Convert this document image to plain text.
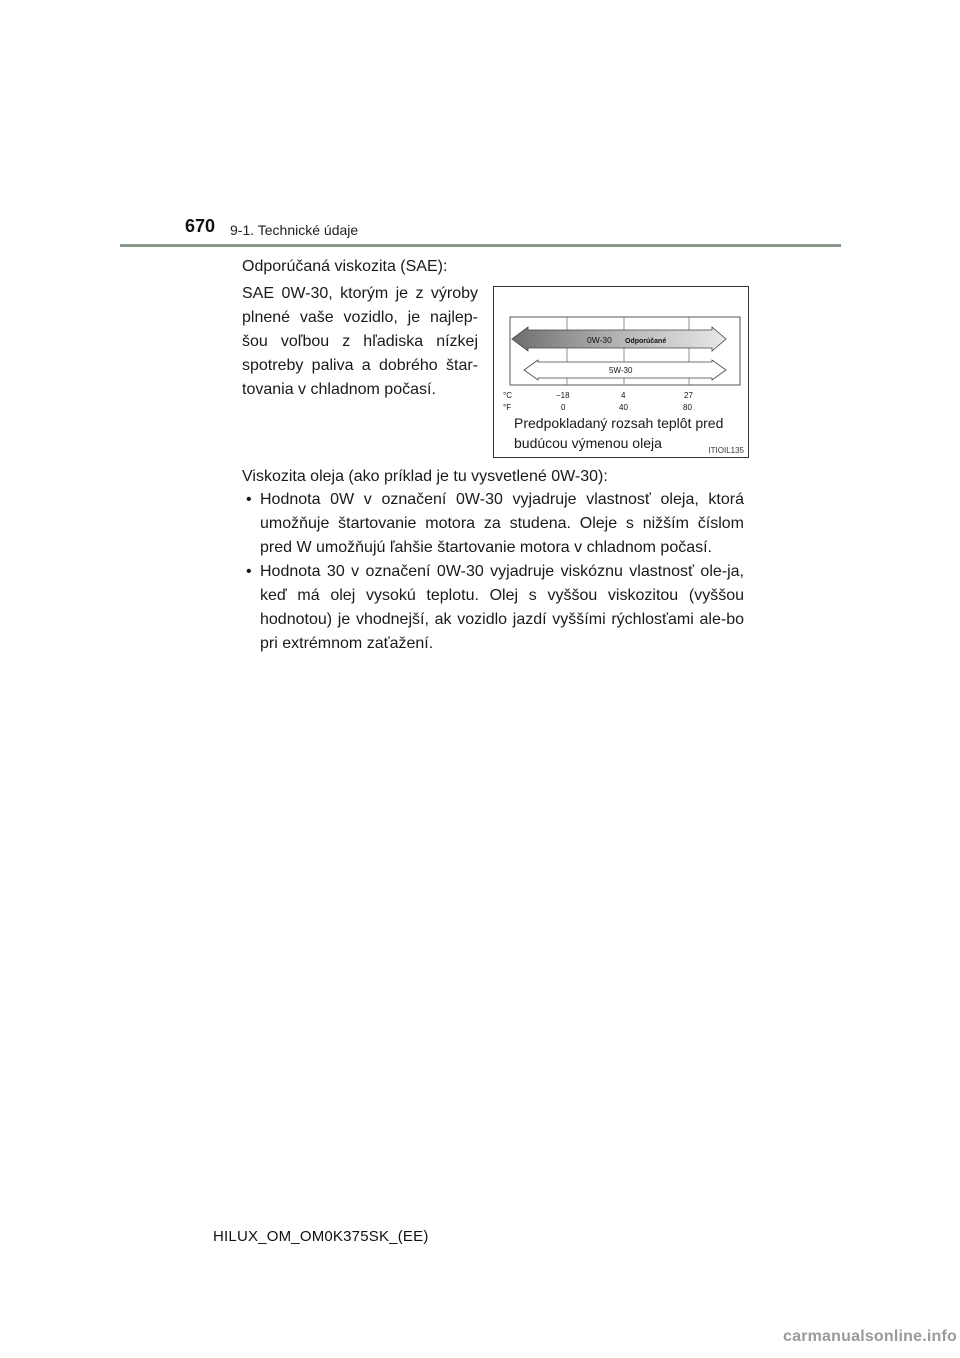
670 9-1. Technické údaje
Odporúčaná viskozita (SAE):
SAE 0W-30, ktorým je z výroby plnené vaše vozidlo, je najlep-šou voľbou z hľadiska nízkej spotreby paliva a dobrého štar-tovania v chladnom počasí.
0W-30 Odporúčané
5W-30
°C
°F
−18	4	27
0	40	80
Predpokladaný rozsah teplôt pred budúcou výmenou oleja	ITIOIL135
Viskozita oleja (ako príklad je tu vysvetlené 0W-30):
• Hodnota 0W v označení 0W-30 vyjadruje vlastnosť oleja, ktorá umožňuje štartovanie motora za studena. Oleje s nižším číslom pred W umožňujú ľahšie štartovanie motora v chladnom počasí.
• Hodnota 30 v označení 0W-30 vyjadruje viskóznu vlastnosť ole-ja, keď má olej vysokú teplotu. Olej s vyššou viskozitou (vyššou hodnotou) je vhodnejší, ak vozidlo jazdí vyššími rýchlosťami ale-bo pri extrémnom zaťažení.
HILUX_OM_OM0K375SK_(EE)
carmanualsonline.info
